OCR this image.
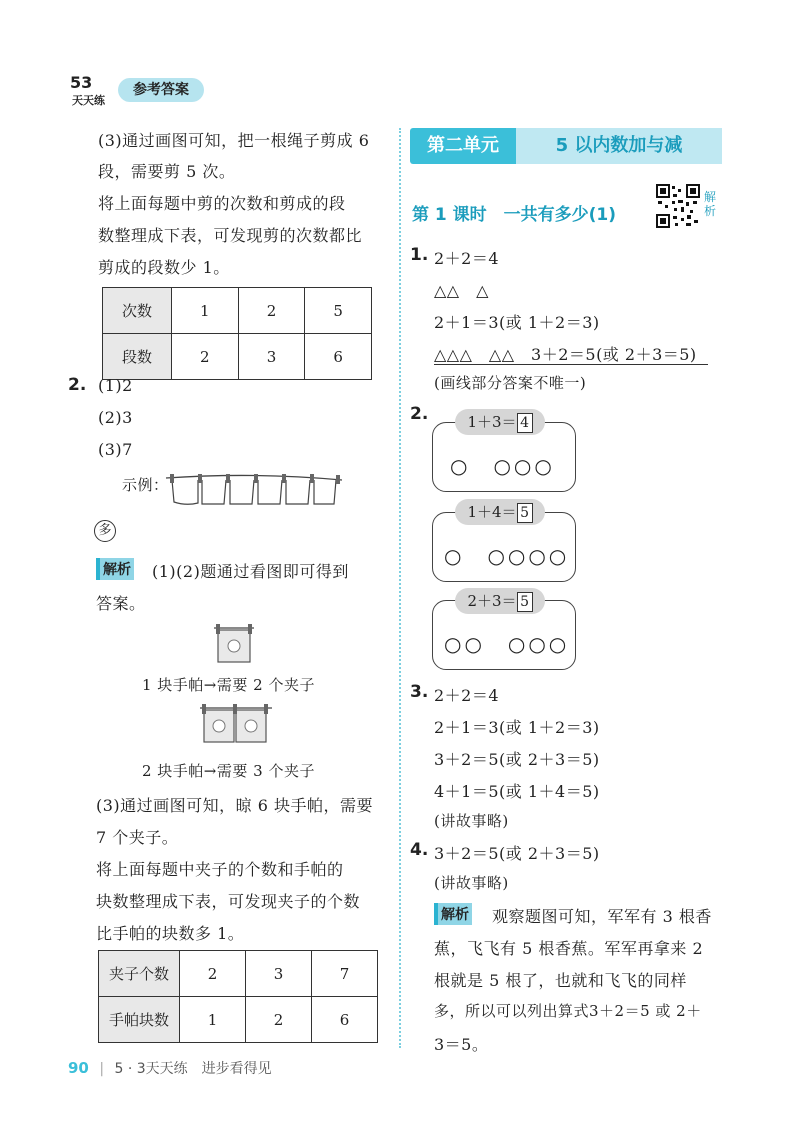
53
天天练
参考答案
(3)通过画图可知，把一根绳子剪成 6
段，需要剪 5 次。
将上面每题中剪的次数和剪成的段
数整理成下表，可发现剪的次数都比
剪成的段数少 1。
次数	1	2	5
段数	2	3	6
2. (1)2
(2)3
(3)7
示例：
多
解析 (1)(2)题通过看图即可得到
答案。
1 块手帕→需要 2 个夹子
2 块手帕→需要 3 个夹子
(3)通过画图可知，晾 6 块手帕，需要
7 个夹子。
将上面每题中夹子的个数和手帕的
块数整理成下表，可发现夹子的个数
比手帕的块数多 1。
夹子个数	2	3	7
手帕块数	1	2	6
第二单元	5 以内数加与减
第 1 课时　一共有多少(1)
解析
1. 2＋2＝4
△△　△
2＋1＝3(或 1＋2＝3)
△△△　△△　3＋2＝5(或 2＋3＝5)
(画线部分答案不唯一)
2.	1＋3＝ 4
○　○○○
1＋4＝ 5
○　○○○○
2＋3＝ 5
○○　○○○
3. 2＋2＝4
2＋1＝3(或 1＋2＝3)
3＋2＝5(或 2＋3＝5)
4＋1＝5(或 1＋4＝5)
(讲故事略)
4. 3＋2＝5(或 2＋3＝5)
(讲故事略)
解析 观察题图可知，军军有 3 根香
蕉，飞飞有 5 根香蕉。军军再拿来 2
根就是 5 根了，也就和飞飞的同样
多，所以可以列出算式3＋2＝5 或 2＋
3＝5。
90 | 5 · 3天天练　进步看得见
